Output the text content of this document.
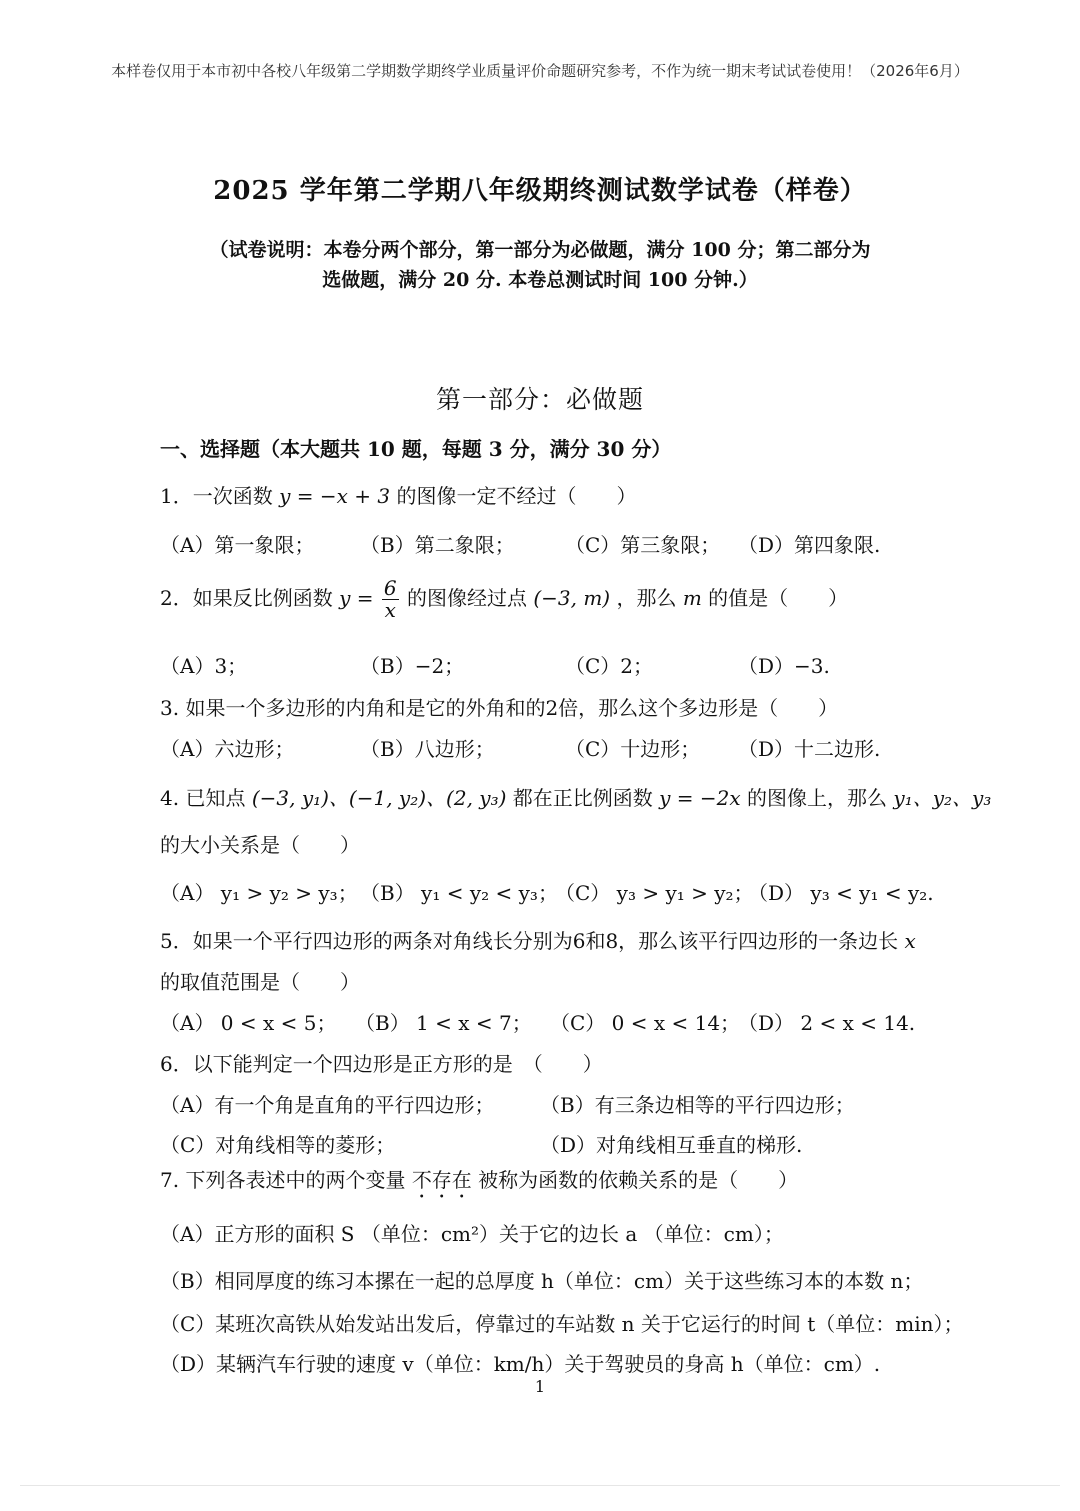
本样卷仅用于本市初中各校八年级第二学期数学期终学业质量评价命题研究参考，不作为统一期末考试试卷使用！（2026年6月）
2025 学年第二学期八年级期终测试数学试卷（样卷）
（试卷说明：本卷分两个部分，第一部分为必做题，满分 100 分；第二部分为
选做题，满分 20 分. 本卷总测试时间 100 分钟.）
第一部分：必做题
一、选择题（本大题共 10 题，每题 3 分，满分 30 分）
1．一次函数 y = −x + 3 的图像一定不经过（　　）
（A）第一象限； （B）第二象限；	（C）第三象限； （D）第四象限.
2．如果反比例函数 $y = \frac{6}{x}$ 的图像经过点 (−3, m) ，那么 m 的值是（　　）
（A）3；	（B）−2；	（C）2；	（D）−3.
3. 如果一个多边形的内角和是它的外角和的2倍，那么这个多边形是（　　）
（A）六边形；	（B）八边形；	（C）十边形； （D）十二边形.
4. 已知点 (−3, y₁)、(−1, y₂)、(2, y₃) 都在正比例函数 y = −2x 的图像上，那么 y₁、y₂、y₃
的大小关系是（　　）
（A） y₁ > y₂ > y₃； （B） y₁ < y₂ < y₃；
（C） y₃ > y₁ > y₂；
（D） y₃ < y₁ < y₂.
5．如果一个平行四边形的两条对角线长分别为6和8，那么该平行四边形的一条边长 x
的取值范围是（　　）
（A） 0 < x < 5； （B） 1 < x < 7； （C） 0 < x < 14；
（D） 2 < x < 14.
6．以下能判定一个四边形是正方形的是　（　　）
（A）有一个角是直角的平行四边形； （B）有三条边相等的平行四边形；
（C）对角线相等的菱形；	（D）对角线相互垂直的梯形.
7. 下列各表述中的两个变量 不存在 被称为函数的依赖关系的是（　　）
（A）正方形的面积 S （单位：cm²）关于它的边长 a （单位：cm）；
（B）相同厚度的练习本摞在一起的总厚度 h（单位：cm）关于这些练习本的本数 n；
（C）某班次高铁从始发站出发后，停靠过的车站数 n 关于它运行的时间 t（单位：min）；
（D）某辆汽车行驶的速度 v（单位：km/h）关于驾驶员的身高 h（单位：cm）.
1
